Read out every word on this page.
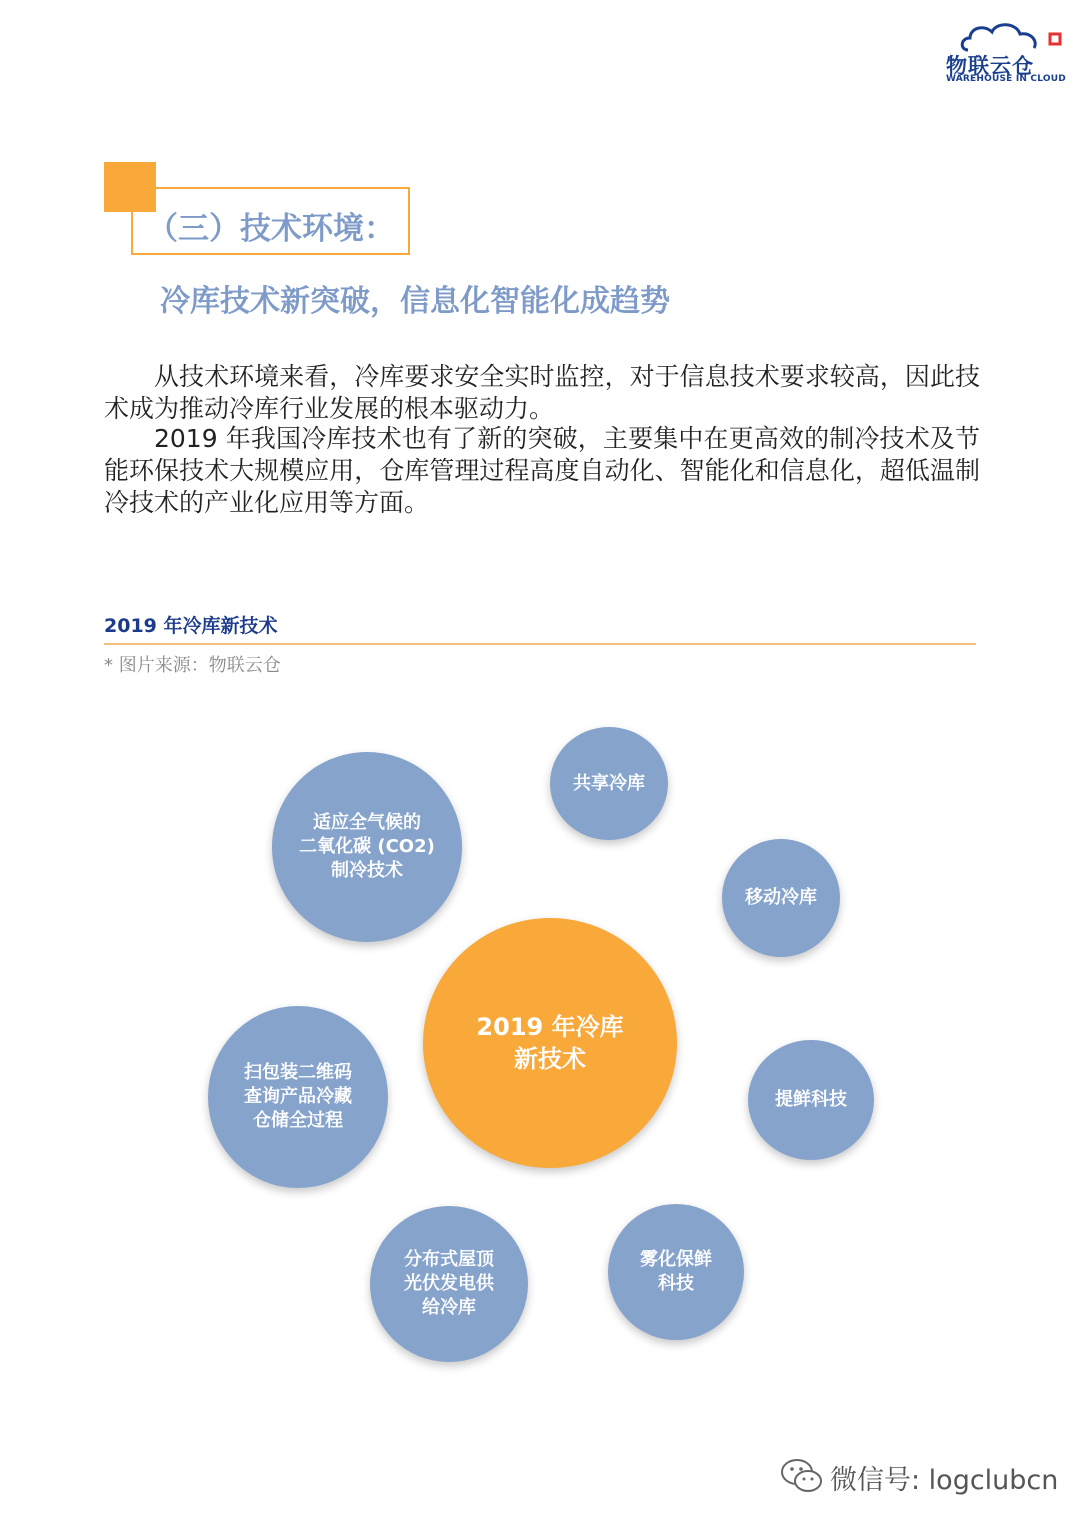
物联云仓
WAREHOUSE IN CLOUD
（三）技术环境：
冷库技术新突破，信息化智能化成趋势

从技术环境来看，冷库要求安全实时监控，对于信息技术要求较高，因此技术成为推动冷库行业发展的根本驱动力。

2019 年我国冷库技术也有了新的突破，主要集中在更高效的制冷技术及节能环保技术大规模应用，仓库管理过程高度自动化、智能化和信息化，超低温制冷技术的产业化应用等方面。

2019 年冷库新技术
* 图片来源：物联云仓
适应全气候的
二氧化碳 (CO2)
制冷技术
共享冷库
移动冷库
2019 年冷库
新技术
提鲜科技
雾化保鲜
科技
分布式屋顶
光伏发电供
给冷库
扫包装二维码
查询产品冷藏
仓储全过程
微信号: logclubcn
